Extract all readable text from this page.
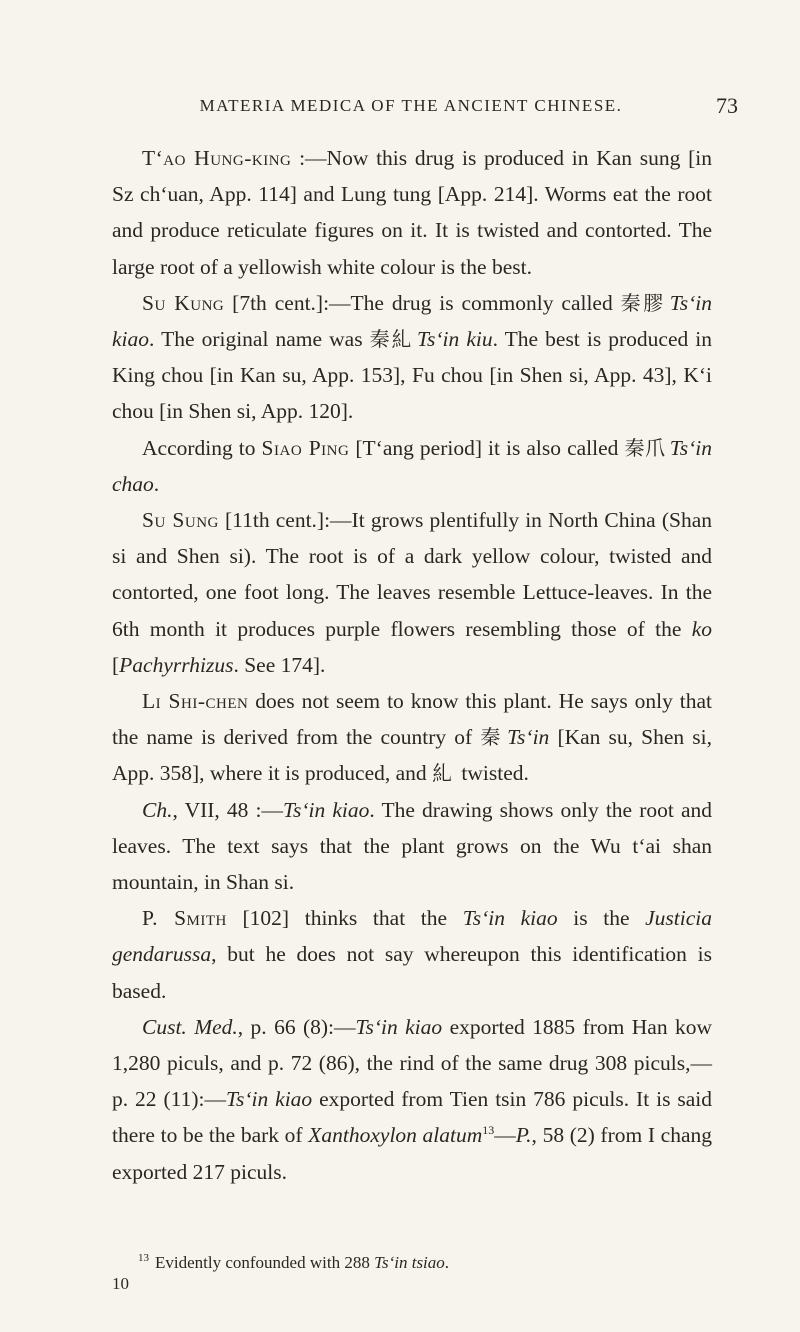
MATERIA MEDICA OF THE ANCIENT CHINESE.	73

T‘ao Hung-king :—Now this drug is produced in Kan sung [in Sz ch‘uan, App. 114] and Lung tung [App. 214]. Worms eat the root and produce reticulate figures on it. It is twisted and contorted. The large root of a yellowish white colour is the best.

Su Kung [7th cent.]:—The drug is commonly called 秦膠 Ts‘in kiao. The original name was 秦糺 Ts‘in kiu. The best is produced in King chou [in Kan su, App. 153], Fu chou [in Shen si, App. 43], K‘i chou [in Shen si, App. 120].

According to Siao Ping [T‘ang period] it is also called 秦爪 Ts‘in chao.

Su Sung [11th cent.]:—It grows plentifully in North China (Shan si and Shen si). The root is of a dark yellow colour, twisted and contorted, one foot long. The leaves resemble Lettuce-leaves. In the 6th month it produces purple flowers resembling those of the ko [Pachyrrhizus. See 174].

Li Shi-chen does not seem to know this plant. He says only that the name is derived from the country of 秦 Ts‘in [Kan su, Shen si, App. 358], where it is produced, and 糺 twisted.

Ch., VII, 48 :—Ts‘in kiao. The drawing shows only the root and leaves. The text says that the plant grows on the Wu t‘ai shan mountain, in Shan si.

P. Smith [102] thinks that the Ts‘in kiao is the Justicia gendarussa, but he does not say whereupon this identification is based.

Cust. Med., p. 66 (8):—Ts‘in kiao exported 1885 from Han kow 1,280 piculs, and p. 72 (86), the rind of the same drug 308 piculs,—p. 22 (11):—Ts‘in kiao exported from Tien tsin 786 piculs. It is said there to be the bark of Xanthoxylon alatum$^{13}$—P., 58 (2) from I chang exported 217 piculs.

$^{13}$ Evidently confounded with 288 Ts‘in tsiao.
10
